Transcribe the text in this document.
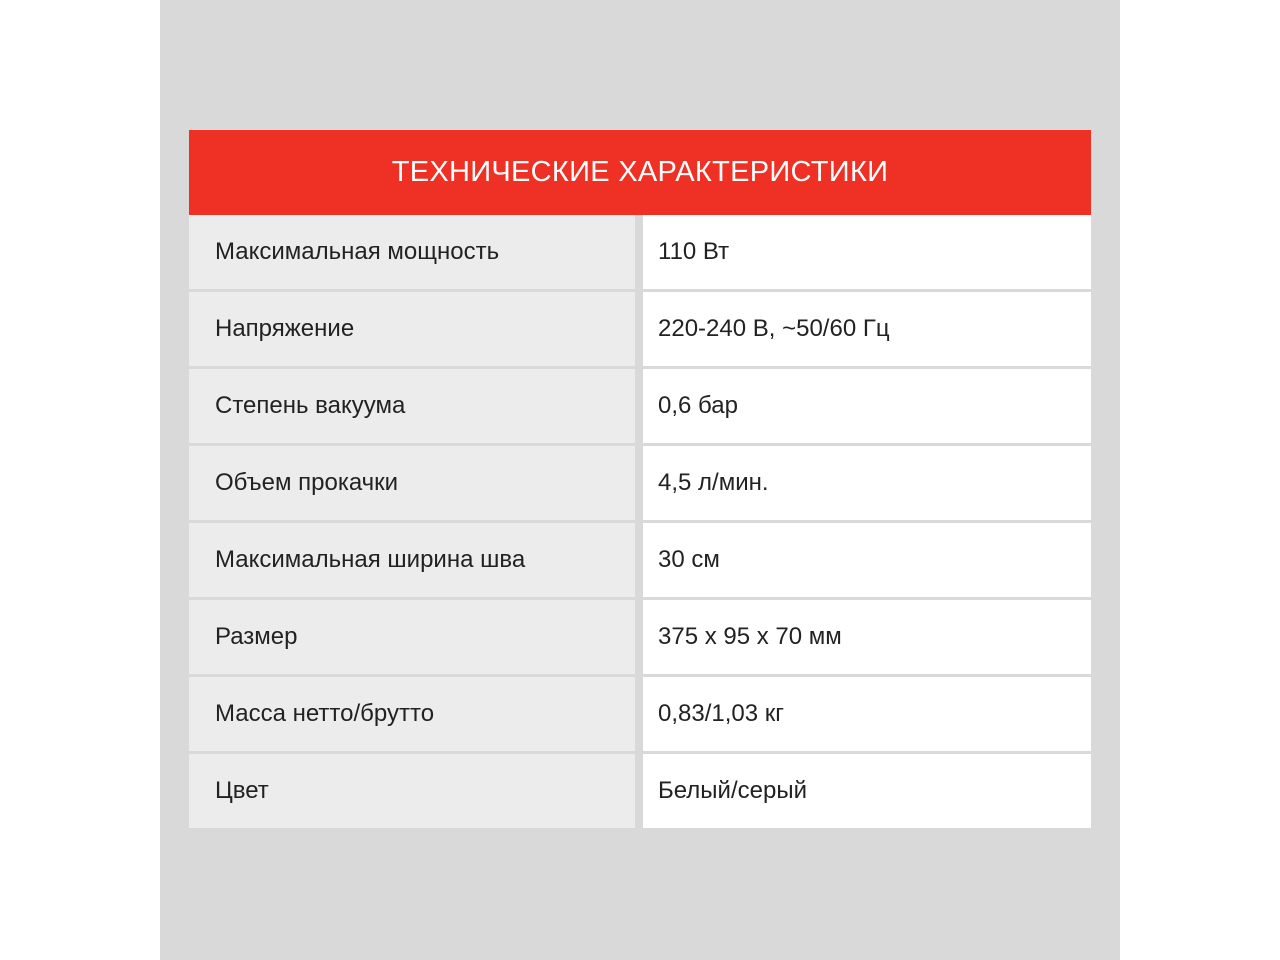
ТЕХНИЧЕСКИЕ ХАРАКТЕРИСТИКИ
Максимальная мощность	110 Вт
Напряжение	220-240 В, ~50/60 Гц
Степень вакуума	0,6 бар
Объем прокачки	4,5 л/мин.
Максимальная ширина шва	30 см
Размер	375 х 95 х 70 мм
Масса нетто/брутто	0,83/1,03 кг
Цвет	Белый/серый
